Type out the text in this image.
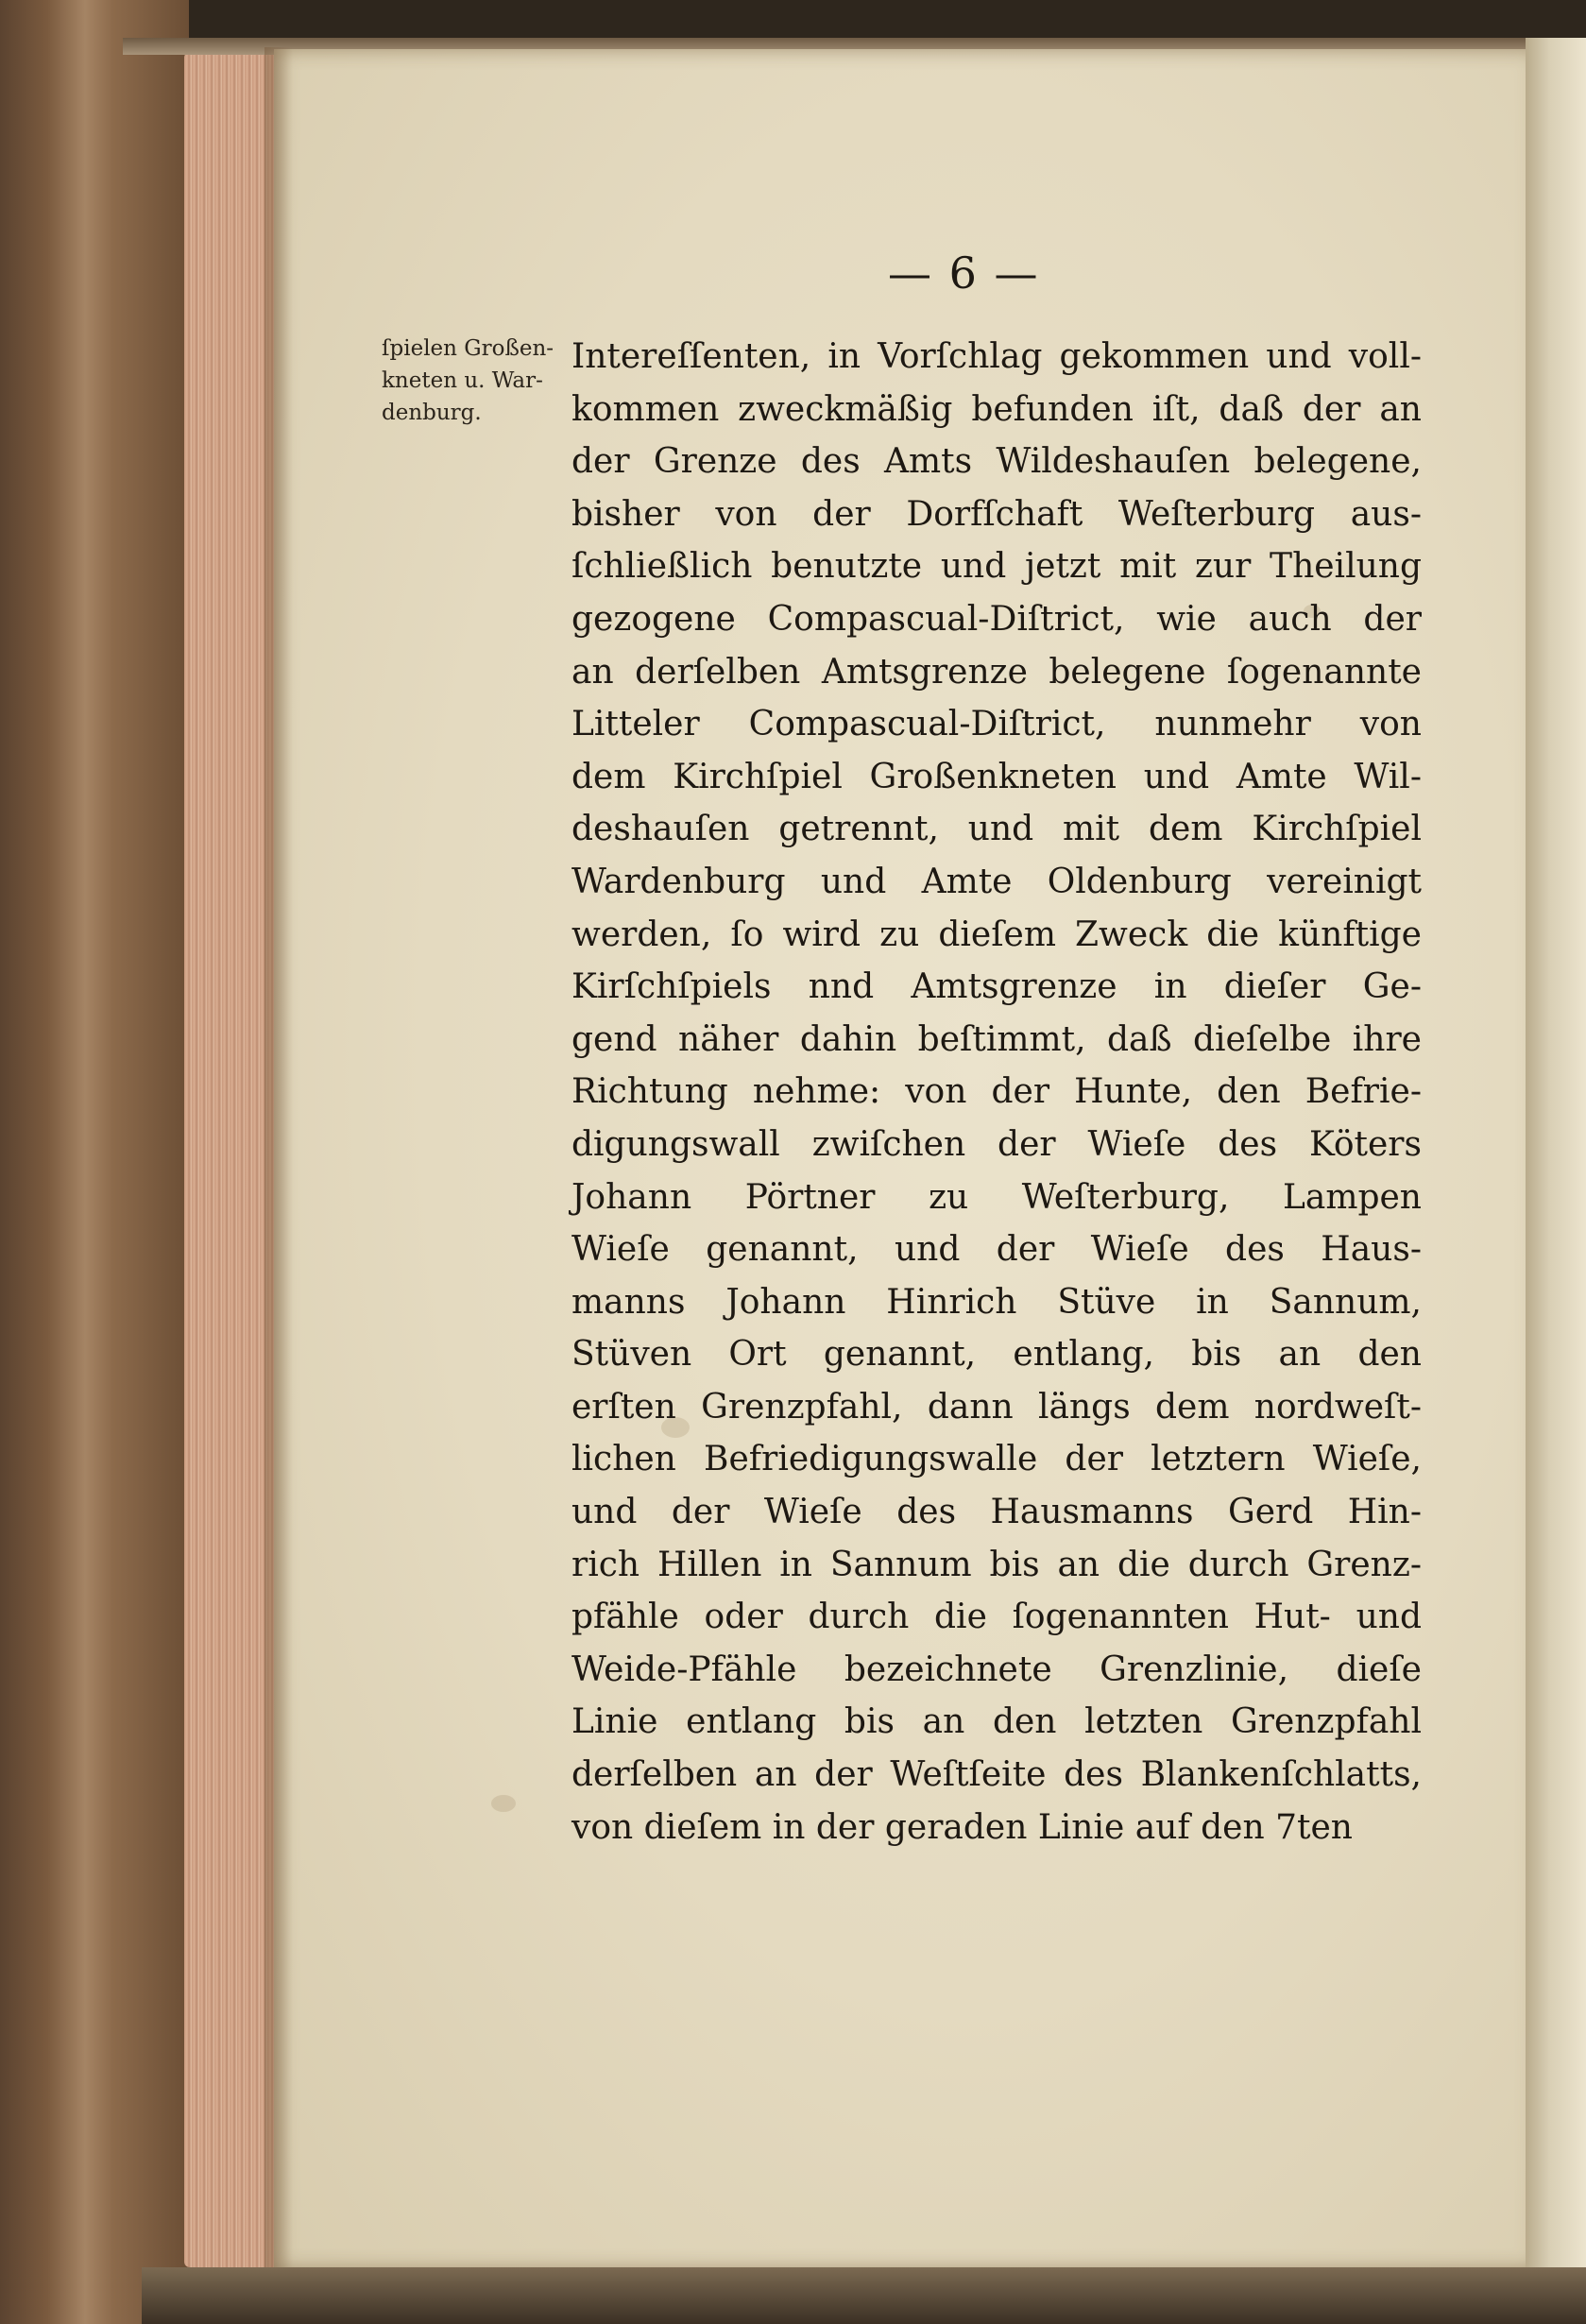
— 6 —
ſpielen Großen-
kneten u. War-
denburg.
Intereſſenten, in Vorſchlag gekommen und voll-
kommen zweckmäßig befunden iſt, daß der an
der Grenze des Amts Wildeshauſen belegene,
bisher von der Dorfſchaft Weſterburg aus-
ſchließlich benutzte und jetzt mit zur Theilung
gezogene Compascual-Diſtrict, wie auch der
an derſelben Amtsgrenze belegene ſogenannte
Litteler Compascual-Diſtrict, nunmehr von
dem Kirchſpiel Großenkneten und Amte Wil-
deshauſen getrennt, und mit dem Kirchſpiel
Wardenburg und Amte Oldenburg vereinigt
werden, ſo wird zu dieſem Zweck die künftige
Kirſchſpiels nnd Amtsgrenze in dieſer Ge-
gend näher dahin beſtimmt, daß dieſelbe ihre
Richtung nehme: von der Hunte, den Befrie-
digungswall zwiſchen der Wieſe des Köters
Johann Pörtner zu Weſterburg, Lampen
Wieſe genannt, und der Wieſe des Haus-
manns Johann Hinrich Stüve in Sannum,
Stüven Ort genannt, entlang, bis an den
erſten Grenzpfahl, dann längs dem nordweſt-
lichen Befriedigungswalle der letztern Wieſe,
und der Wieſe des Hausmanns Gerd Hin-
rich Hillen in Sannum bis an die durch Grenz-
pfähle oder durch die ſogenannten Hut- und
Weide-Pfähle bezeichnete Grenzlinie, dieſe
Linie entlang bis an den letzten Grenzpfahl
derſelben an der Weſtſeite des Blankenſchlatts,
von dieſem in der geraden Linie auf den 7ten
